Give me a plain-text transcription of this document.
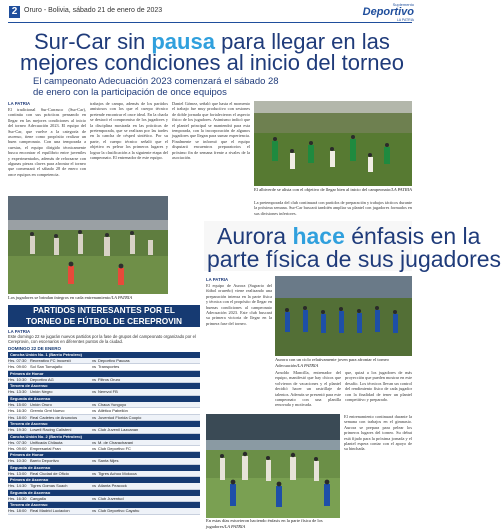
2 Oruro - Bolivia, sábado 21 de enero de 2023
Suplemento
Deportivo
LA PATRIA
Sur-Car sin pausa para llegar en las
mejores condiciones al inicio del torneo
El campeonato Adecuación 2023 comenzará el sábado 28
de enero con la participación de once equipos
LA PATRIA
El tradicional Sur-Carrasco (Sur-Car), continúa con sus prácticas pensando en llegar en las mejores condiciones al inicio del torneo Adecuación 2023. El equipo del Sur-Car, que vuelve a la categoría de ascenso, tiene como propósito realizar un buen campeonato. Con una temporada a cuestas, el equipo dirigido técnicamente busca encontrar el equilibrio entre juveniles y experimentados, además de reforzarse con algunas piezas claves para afrontar el torneo que comenzará el sábado 28 de enero con once equipos en competencia.
trabajos de campo, además de los partidos amistosos con los que el cuerpo técnico pretende encontrar el once ideal. En la charla se destacó el compromiso de los jugadores y la disciplina mostrada en las prácticas de pretemporada, que se realizan por las tardes en la cancha de césped sintético. Por su parte, el cuerpo técnico señaló que el objetivo es pelear los primeros lugares y lograr la clasificación a la siguiente etapa del campeonato. El entrenador de este equipo.
Daniel Gómez, señaló que hasta el momento el trabajo fue muy productivo con sesiones de doble jornada que fortalecieron el aspecto físico de los jugadores. Asimismo indicó que el plantel principal se mantendrá para esta temporada, con la incorporación de algunos jugadores que llegan para sumar experiencia. Finalmente se informó que el equipo disputará encuentros preparatorios el próximo fin de semana frente a rivales de la asociación.
Los jugadores se brindan íntegros en cada entrenamiento/LA PATRIA
El albiverde se alista con el objetivo de llegar bien al inicio del campeonato/LA PATRIA
La pretemporada del club continuará con partidos de preparación y trabajos tácticos durante la próxima semana. Sur-Car buscará también ampliar su plantel con jugadores formados en sus divisiones inferiores.
PARTIDOS INTERESANTES POR EL
TORNEO DE FÚTBOL DE CEREPROVIN
LA PATRIA
Este domingo 22 se jugarán nuevos partidos por la fase de grupos del campeonato organizado por el Cereprovin, con escenarios en diferentes puntos de la ciudad.
DOMINGO 22 DE ENERO
Cancha Unión No. 1 (Barrio Petrolero)
Hrs. 07:30 Recreativo FC Incuestí	vs Deportivo Paucas
Hrs. 09:00 Sol San Tomajaño	vs Transportes
Primera de Honor
Hrs. 10:30 Deportivo AG	vs Filtros Oruro
Tercera de Ascenso
Hrs. 13:30 Unión Negro	vs Nemvol FB
Segunda de Ascenso
Hrs. 15:00 Unión Oruro	vs Chaca Yungoyo
Hrs. 16:30 Gremio Gmt Nuevo	vs Atlético Pabellón
Hrs. 18:00 Real Cadetes de Anuncios	vs Juventud Florida Coopio
Tercera de Ascenso
Hrs. 19:30 Lowell Racing Calisteni	vs Club Juvenil Lazcanan
Cancha Unión No. 2 (Barrio Petrolero)
Hrs. 07:30 Unificada Chilauta	vs M. de Characharani
Hrs. 09:00 Empresarial Fran	vs Club Deportivo FC
Primera de Honor
Hrs. 10:30 Barrio Deportivo	vs Santa Nijes
Segunda de Ascenso
Hrs. 13:00 Real Ciudad de Oficio	vs Tigres Achoo Mokooa
Primera de Ascenso
Hrs. 14:30 Tigres Gomas Suach	vs Atlanta Peacock
Segunda de Ascenso
Hrs. 16:30 Cangalla	vs Club Juventud
Tercera de Ascenso
Hrs. 18:00 Real Madrid Luciacion	vs Club Deportivo Cayahu
Aurora hace énfasis en la
parte física de sus jugadores
LA PATRIA
El equipo de Aurora (Sagrario del fútbol orureño) viene realizando una preparación intensa en la parte física y técnica con el propósito de llegar en buenas condiciones al campeonato Adecuación 2023. Este club buscará su primera victoria de llegar en la primera fase del torneo.
Aurora con un ciclo relativamente joven para afrontar el torneo Adecuación/LA PATRIA
Arnoldo Mancilla, entrenador del equipo, manifestó que hay chicos que volvieron de vacaciones y el plantel decidió hacer un rastrillaje de talentos. Además se presentó para este campeonato con una planilla renovada y motivada.
que, quizá a los jugadores de más proyección que pueden mostrar en este desafío. Los técnicos llevan un control del rendimiento físico de cada jugador con la finalidad de tener un plantel competitivo y preparado.
En estas días estuvieron haciendo énfasis en la parte física de los jugadores/LA PATRIA
El entrenamiento continuará durante la semana con trabajos en el gimnasio. Aurora se prepara para pelear los primeros lugares del torneo. Su debut está fijado para la próxima jornada y el plantel espera contar con el apoyo de su hinchada.
